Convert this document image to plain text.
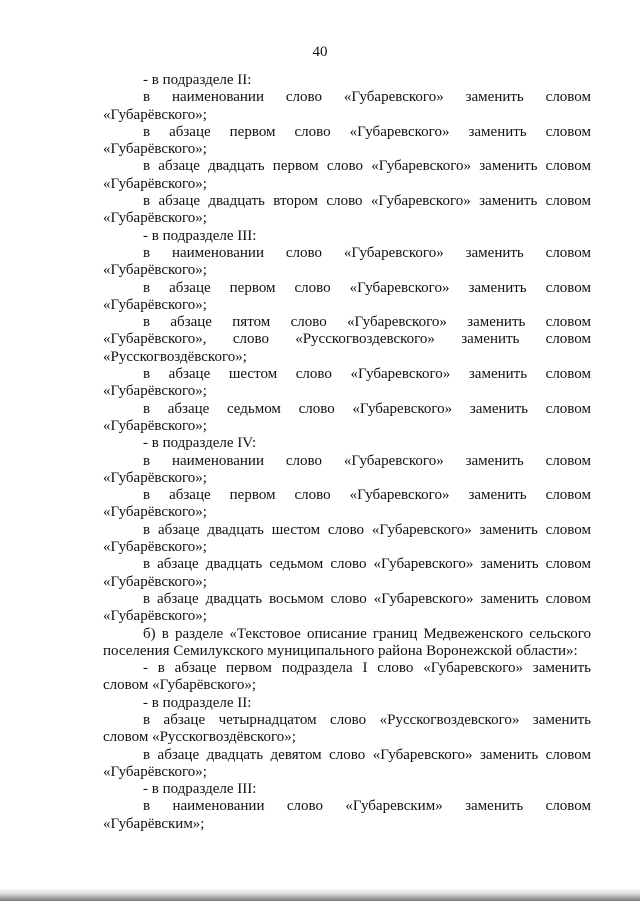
40

- в подразделе II:

в наименовании слово «Губаревского» заменить словом «Губарёвского»;

в абзаце первом слово «Губаревского» заменить словом «Губарёвского»;

в абзаце двадцать первом слово «Губаревского» заменить словом «Губарёвского»;

в абзаце двадцать втором слово «Губаревского» заменить словом «Губарёвского»;

- в подразделе III:

в наименовании слово «Губаревского» заменить словом «Губарёвского»;

в абзаце первом слово «Губаревского» заменить словом «Губарёвского»;

в абзаце пятом слово «Губаревского» заменить словом «Губарёвского», слово «Русскогвоздевского» заменить словом «Русскогвоздёвского»;

в абзаце шестом слово «Губаревского» заменить словом «Губарёвского»;

в абзаце седьмом слово «Губаревского» заменить словом «Губарёвского»;

- в подразделе IV:

в наименовании слово «Губаревского» заменить словом «Губарёвского»;

в абзаце первом слово «Губаревского» заменить словом «Губарёвского»;

в абзаце двадцать шестом слово «Губаревского» заменить словом «Губарёвского»;

в абзаце двадцать седьмом слово «Губаревского» заменить словом «Губарёвского»;

в абзаце двадцать восьмом слово «Губаревского» заменить словом «Губарёвского»;

б) в разделе «Текстовое описание границ Медвеженского сельского поселения Семилукского муниципального района Воронежской области»:

- в абзаце первом подраздела I слово «Губаревского» заменить словом «Губарёвского»;

- в подразделе II:

в абзаце четырнадцатом слово «Русскогвоздевского» заменить словом «Русскогвоздёвского»;

в абзаце двадцать девятом слово «Губаревского» заменить словом «Губарёвского»;

- в подразделе III:

в наименовании слово «Губаревским» заменить словом «Губарёвским»;
